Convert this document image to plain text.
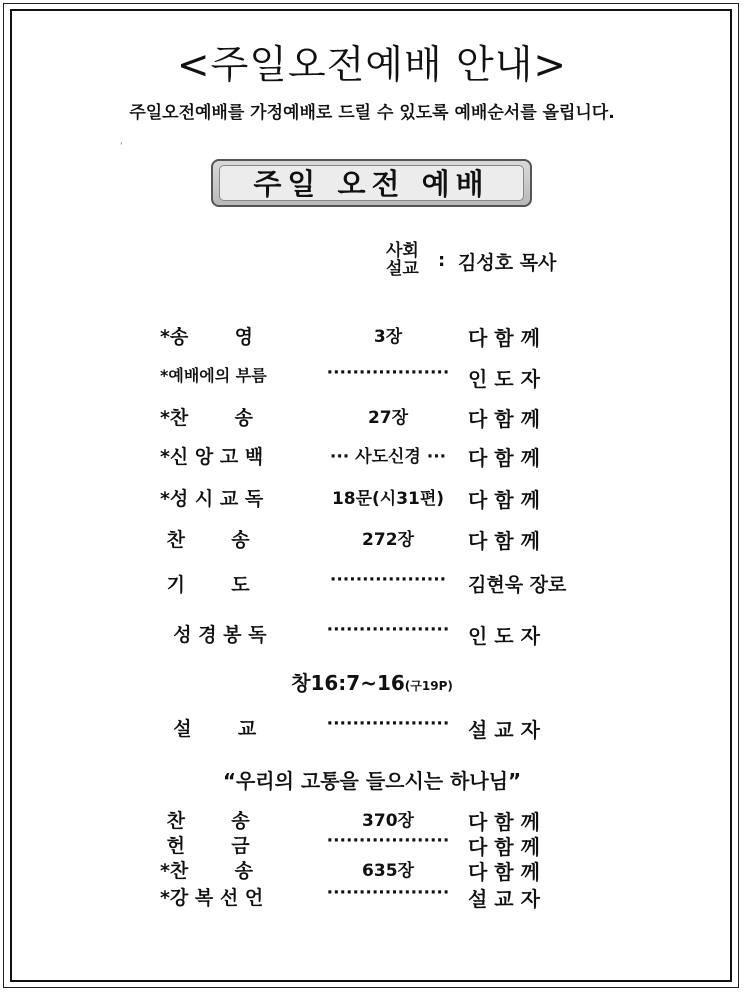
<주일오전예배 안내>
주일오전예배를 가정예배로 드릴 수 있도록 예배순서를 올립니다.
ˈ
주일 오전 예배
사회
설교 : 김성호 목사
*송       영	3장	다 함 께
*예배에의 부름	··················· 인 도 자
*찬       송	27장	다 함 께
*신 앙 고 백	··· 사도신경 ··· 다 함 께
*성 시 교 독	18문(시31편) 다 함 께
찬       송	272장	다 함 께
기       도	·················· 김현욱 장로
성 경 봉 독	··················· 인 도 자
창16:7~16(구19P)
설       교	··················· 설 교 자
“우리의 고통을 들으시는 하나님”
찬       송	370장	다 함 께
헌       금	··················· 다 함 께
*찬       송	635장	다 함 께
*강 복 선 언	··················· 설 교 자
